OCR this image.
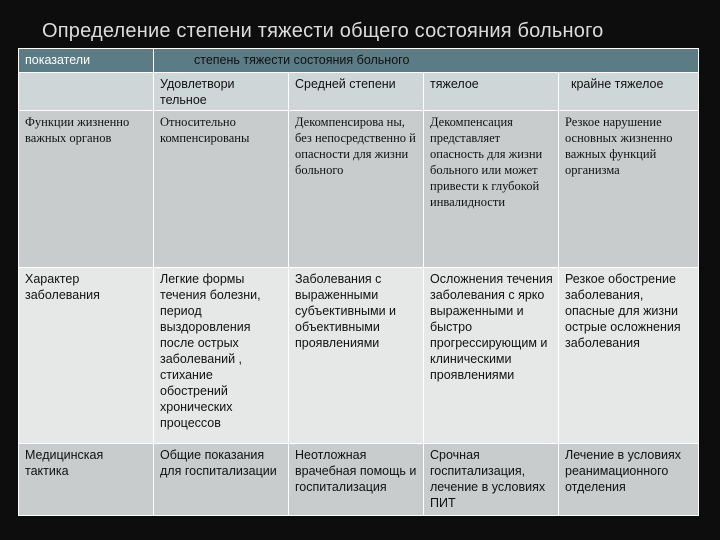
Определение степени тяжести общего состояния больного
показатели	степень тяжести состояния больного			
	Удовлетвори тельное	Средней степени	тяжелое	крайне тяжелое
Функции жизненно важных органов	Относительно компенсированы	Декомпенсирова ны, без непосредственно й опасности для жизни больного	Декомпенсация представляет опасность для жизни больного или может привести к глубокой инвалидности	Резкое нарушение основных жизненно важных функций организма
Характер заболевания	Легкие формы течения болезни, период выздоровления после острых заболеваний , стихание обострений хронических процессов	Заболевания с выраженными субъективными и объективными проявлениями	Осложнения течения заболевания с ярко выраженными и быстро прогрессирующим и клиническими проявлениями	Резкое обострение заболевания, опасные для жизни острые осложнения заболевания
Медицинская тактика	Общие показания для госпитализации	Неотложная врачебная помощь и госпитализация	Срочная госпитализация, лечение в условиях ПИТ	Лечение в условиях реанимационного отделения
